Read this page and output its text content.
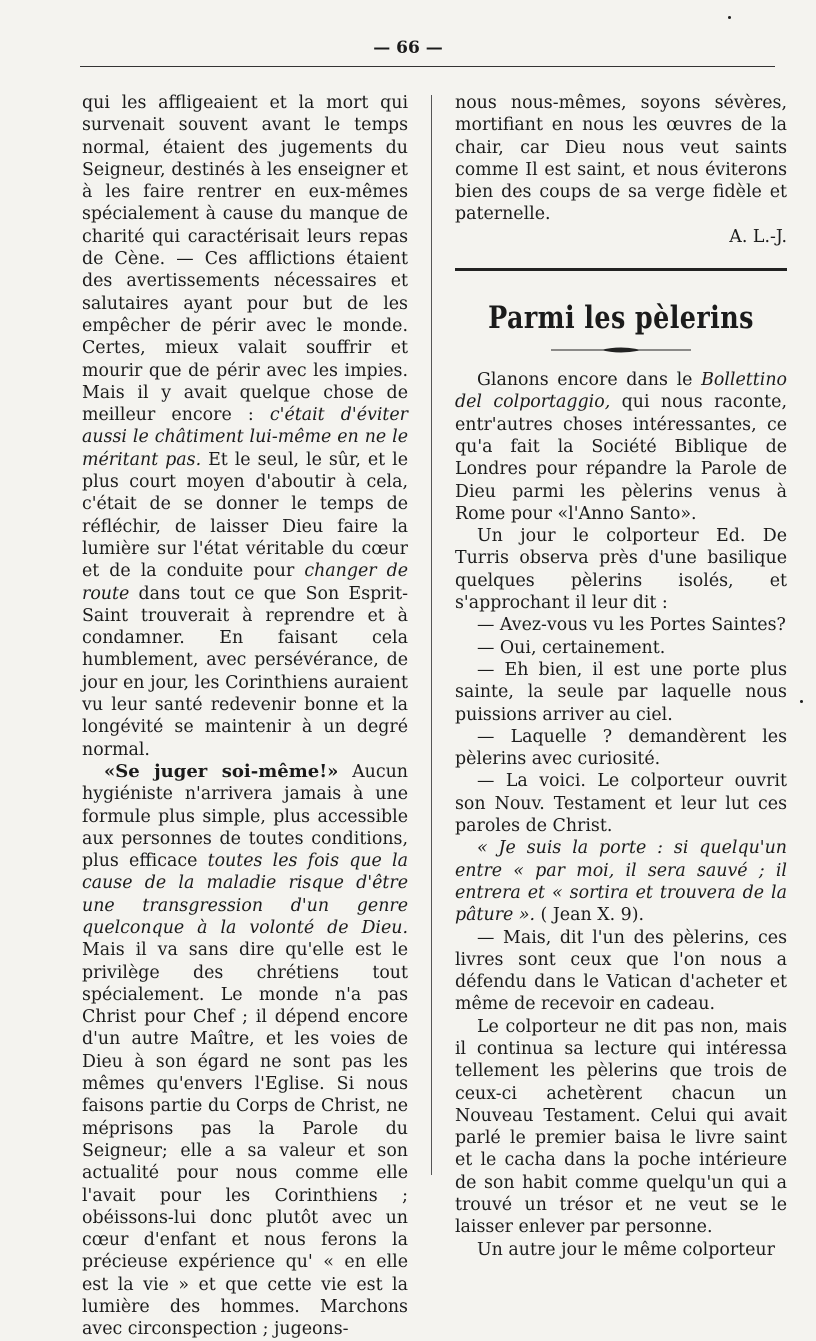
— 66 —

qui les affligeaient et la mort qui survenait souvent avant le temps normal, étaient des jugements du Seigneur, destinés à les enseigner et à les faire rentrer en eux-mêmes spécialement à cause du manque de charité qui caractérisait leurs repas de Cène. — Ces afflictions étaient des avertissements nécessaires et salutaires ayant pour but de les empêcher de périr avec le monde. Certes, mieux valait souffrir et mourir que de périr avec les impies. Mais il y avait quelque chose de meilleur encore : c'était d'éviter aussi le châtiment lui-même en ne le méritant pas. Et le seul, le sûr, et le plus court moyen d'aboutir à cela, c'était de se donner le temps de réfléchir, de laisser Dieu faire la lumière sur l'état véritable du cœur et de la conduite pour changer de route dans tout ce que Son Esprit-Saint trouverait à reprendre et à condamner. En faisant cela humblement, avec persévérance, de jour en jour, les Corinthiens auraient vu leur santé redevenir bonne et la longévité se maintenir à un degré normal.

«Se juger soi-même!» Aucun hygiéniste n'arrivera jamais à une formule plus simple, plus accessible aux personnes de toutes conditions, plus efficace toutes les fois que la cause de la maladie risque d'être une transgression d'un genre quelconque à la volonté de Dieu. Mais il va sans dire qu'elle est le privilège des chrétiens tout spécialement. Le monde n'a pas Christ pour Chef ; il dépend encore d'un autre Maître, et les voies de Dieu à son égard ne sont pas les mêmes qu'envers l'Eglise. Si nous faisons partie du Corps de Christ, ne méprisons pas la Parole du Seigneur; elle a sa valeur et son actualité pour nous comme elle l'avait pour les Corinthiens ; obéissons-lui donc plutôt avec un cœur d'enfant et nous ferons la précieuse expérience qu' « en elle est la vie » et que cette vie est la lumière des hommes. Marchons avec circonspection ; jugeons-

nous nous-mêmes, soyons sévères, mortifiant en nous les œuvres de la chair, car Dieu nous veut saints comme Il est saint, et nous éviterons bien des coups de sa verge fidèle et paternelle.

A. L.-J.

Parmi les pèlerins

Glanons encore dans le Bollettino del colportaggio, qui nous raconte, entr'autres choses intéressantes, ce qu'a fait la Société Biblique de Londres pour répandre la Parole de Dieu parmi les pèlerins venus à Rome pour «l'Anno Santo».

Un jour le colporteur Ed. De Turris observa près d'une basilique quelques pèlerins isolés, et s'approchant il leur dit :

— Avez-vous vu les Portes Saintes?

— Oui, certainement.

— Eh bien, il est une porte plus sainte, la seule par laquelle nous puissions arriver au ciel.

— Laquelle ? demandèrent les pèlerins avec curiosité.

— La voici. Le colporteur ouvrit son Nouv. Testament et leur lut ces paroles de Christ.

« Je suis la porte : si quelqu'un entre « par moi, il sera sauvé ; il entrera et « sortira et trouvera de la pâture ». ( Jean X. 9).

— Mais, dit l'un des pèlerins, ces livres sont ceux que l'on nous a défendu dans le Vatican d'acheter et même de recevoir en cadeau.

Le colporteur ne dit pas non, mais il continua sa lecture qui intéressa tellement les pèlerins que trois de ceux-ci achetèrent chacun un Nouveau Testament. Celui qui avait parlé le premier baisa le livre saint et le cacha dans la poche intérieure de son habit comme quelqu'un qui a trouvé un trésor et ne veut se le laisser enlever par personne.

Un autre jour le même colporteur
